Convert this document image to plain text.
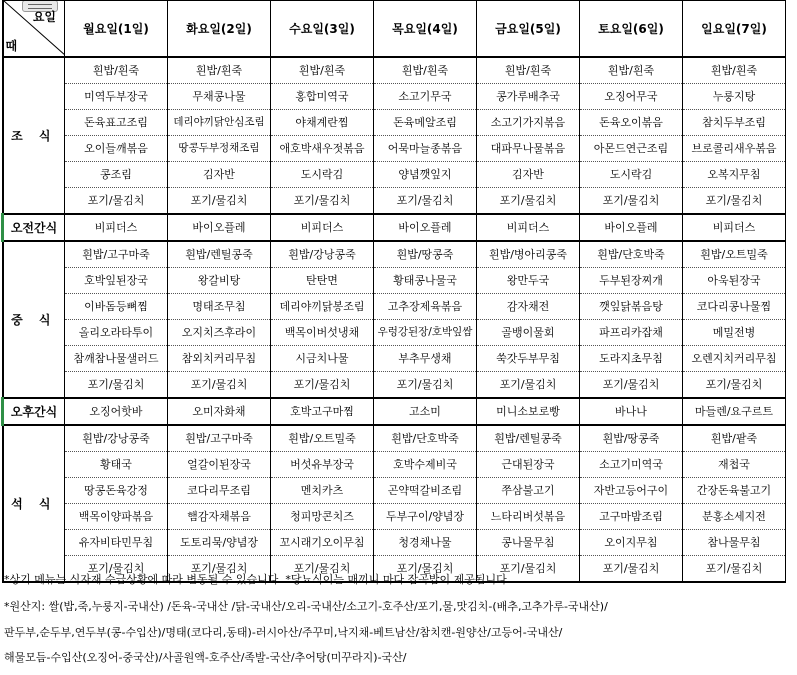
요일
때	월요일(1일)	화요일(2일)	수요일(3일)	목요일(4일)	금요일(5일)	토요일(6일)	일요일(7일)
조 식	흰밥/흰죽	흰밥/흰죽	흰밥/흰죽	흰밥/흰죽	흰밥/흰죽	흰밥/흰죽	흰밥/흰죽
	미역두부장국	무채콩나물	홍합미역국	소고기무국	콩가루배추국	오징어무국	누룽지탕
	돈육표고조림	데리야끼닭안심조림	야채계란찜	돈육메알조림	소고기가지볶음	돈육오이볶음	참치두부조림
	오이들깨볶음	땅콩두부정채조림	애호박새우젓볶음	어묵마늘종볶음	대파무나물볶음	아몬드연근조림	브로콜리새우볶음
	콩조림	김자반	도시락김	양념깻잎지	김자반	도시락김	오복지무침
	포기/물김치	포기/물김치	포기/물김치	포기/물김치	포기/물김치	포기/물김치	포기/물김치
오전간식	비피더스	바이오플레	비피더스	바이오플레	비피더스	바이오플레	비피더스
중 식	흰밥/고구마죽	흰밥/렌틸콩죽	흰밥/강낭콩죽	흰밥/땅콩죽	흰밥/병아리콩죽	흰밥/단호박죽	흰밥/오트밀죽
	호박잎된장국	왕갈비탕	탄탄면	황태콩나물국	왕만두국	두부된장찌개	아욱된장국
	이바돔등뼈찜	명태조무침	데리야끼닭봉조림	고추장제육볶음	감자채전	깻잎닭볶음탕	코다리콩나물찜
	올리오라타투이	오지치즈후라이	백목이버섯냉채	우렁강된장/호박잎쌈	골뱅이물회	파프리카잡채	메밀전병
	참깨참나물샐러드	참외치커리무침	시금치나물	부추무생채	쑥갓두부무침	도라지초무침	오렌지치커리무침
	포기/물김치	포기/물김치	포기/물김치	포기/물김치	포기/물김치	포기/물김치	포기/물김치
오후간식	오징어핫바	오미자화채	호박고구마찜	고소미	미니소보로빵	바나나	마들렌/요구르트
석 식	흰밥/강낭콩죽	흰밥/고구마죽	흰밥/오트밀죽	흰밥/단호박죽	흰밥/렌틸콩죽	흰밥/땅콩죽	흰밥/팥죽
	황태국	얼갈이된장국	버섯유부장국	호박수제비국	근대된장국	소고기미역국	재첩국
	땅콩돈육강정	코다리무조림	멘치카츠	곤약떡갈비조림	쭈삼불고기	자반고등어구이	간장돈육불고기
	백목이양파볶음	햄감자채볶음	청피망콘치즈	두부구이/양념장	느타리버섯볶음	고구마밤조림	분홍소세지전
	유자비타민무침	도토리묵/양념장	꼬시래기오이무침	청경채나물	콩나물무침	오이지무침	참나물무침
	포기/물김치	포기/물김치	포기/물김치	포기/물김치	포기/물김치	포기/물김치	포기/물김치
*상기 메뉴는 식자재 수급상황에 따라 변동될 수 있습니다. *당뇨식이는 매끼니 마다 잡곡밥이 제공됩니다.
*원산지: 쌀(밥,죽,누룽지-국내산) /돈육-국내산 /닭-국내산/오리-국내산/소고기-호주산/포기,물,맛김치-(배추,고추가루-국내산)/
판두부,순두부,연두부(콩-수입산)/명태(코다리,동태)-러시아산/주꾸미,낙지채-베트남산/참치캔-원양산/고등어-국내산/
해물모듬-수입산(오징어-중국산)/사골원액-호주산/족발-국산/추어탕(미꾸라지)-국산/
